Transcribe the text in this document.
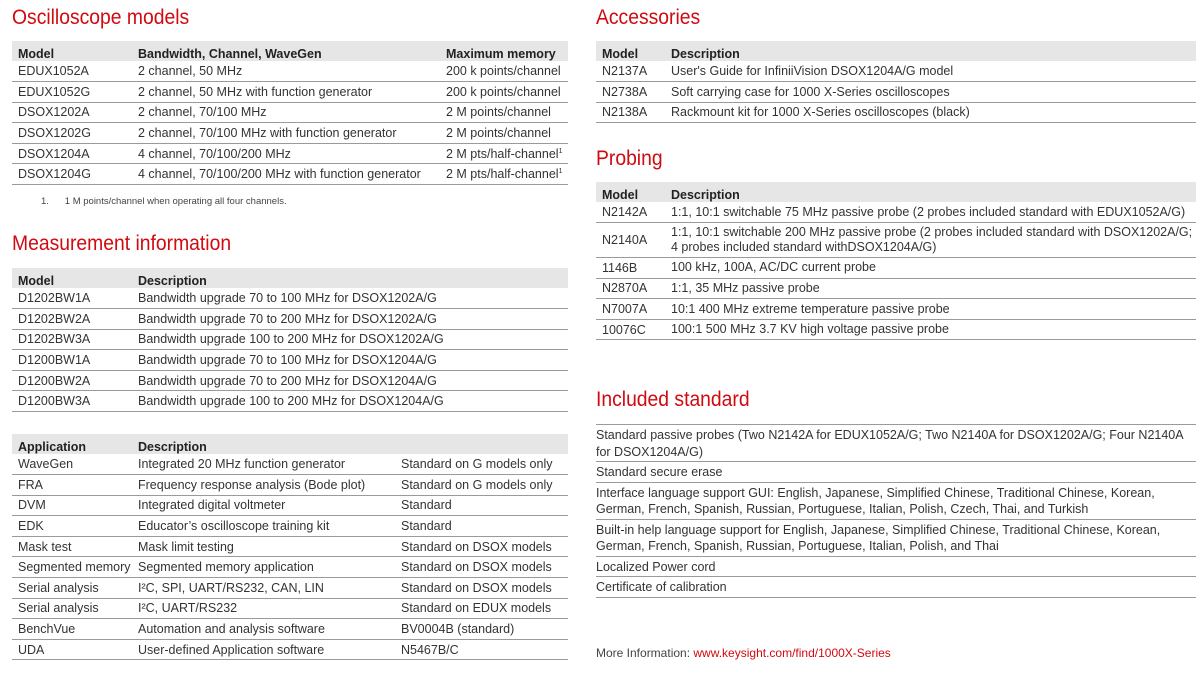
Oscilloscope models
Model	Bandwidth, Channel, WaveGen	Maximum memory
EDUX1052A	2 channel, 50 MHz	200 k points/channel
EDUX1052G	2 channel, 50 MHz with function generator	200 k points/channel
DSOX1202A	2 channel, 70/100 MHz	2 M points/channel
DSOX1202G	2 channel, 70/100 MHz with function generator	2 M points/channel
DSOX1204A	4 channel, 70/100/200 MHz	2 M pts/half-channel$^1$
DSOX1204G	4 channel, 70/100/200 MHz with function generator	2 M pts/half-channel$^1$
1. 1 M points/channel when operating all four channels.
Measurement information
Model	Description
D1202BW1A	Bandwidth upgrade 70 to 100 MHz for DSOX1202A/G
D1202BW2A	Bandwidth upgrade 70 to 200 MHz for DSOX1202A/G
D1202BW3A	Bandwidth upgrade 100 to 200 MHz for DSOX1202A/G
D1200BW1A	Bandwidth upgrade 70 to 100 MHz for DSOX1204A/G
D1200BW2A	Bandwidth upgrade 70 to 200 MHz for DSOX1204A/G
D1200BW3A	Bandwidth upgrade 100 to 200 MHz for DSOX1204A/G
Application	Description	
WaveGen	Integrated 20 MHz function generator	Standard on G models only
FRA	Frequency response analysis (Bode plot)	Standard on G models only
DVM	Integrated digital voltmeter	Standard
EDK	Educator’s oscilloscope training kit	Standard
Mask test	Mask limit testing	Standard on DSOX models
Segmented memory	Segmented memory application	Standard on DSOX models
Serial analysis	I²C, SPI, UART/RS232, CAN, LIN	Standard on DSOX models
Serial analysis	I²C, UART/RS232	Standard on EDUX models
BenchVue	Automation and analysis software	BV0004B (standard)
UDA	User-defined Application software	N5467B/C
Accessories
Model	Description
N2137A	User's Guide for InfiniiVision DSOX1204A/G model
N2738A	Soft carrying case for 1000 X-Series oscilloscopes
N2138A	Rackmount kit for 1000 X-Series oscilloscopes (black)
Probing
Model	Description
N2142A	1:1, 10:1 switchable 75 MHz passive probe (2 probes included standard with EDUX1052A/G)
N2140A	1:1, 10:1 switchable 200 MHz passive probe (2 probes included standard with DSOX1202A/G; 4 probes included standard withDSOX1204A/G)
1146B	100 kHz, 100A, AC/DC current probe
N2870A	1:1, 35 MHz passive probe
N7007A	10:1 400 MHz extreme temperature passive probe
10076C	100:1 500 MHz 3.7 KV high voltage passive probe
Included standard
Standard passive probes (Two N2142A for EDUX1052A/G; Two N2140A for DSOX1202A/G; Four N2140A for DSOX1204A/G)
Standard secure erase
Interface language support GUI: English, Japanese, Simplified Chinese, Traditional Chinese, Korean, German, French, Spanish, Russian, Portuguese, Italian, Polish, Czech, Thai, and Turkish
Built-in help language support for English, Japanese, Simplified Chinese, Traditional Chinese, Korean, German, French, Spanish, Russian, Portuguese, Italian, Polish, and Thai
Localized Power cord
Certificate of calibration
More Information: www.keysight.com/find/1000X-Series
